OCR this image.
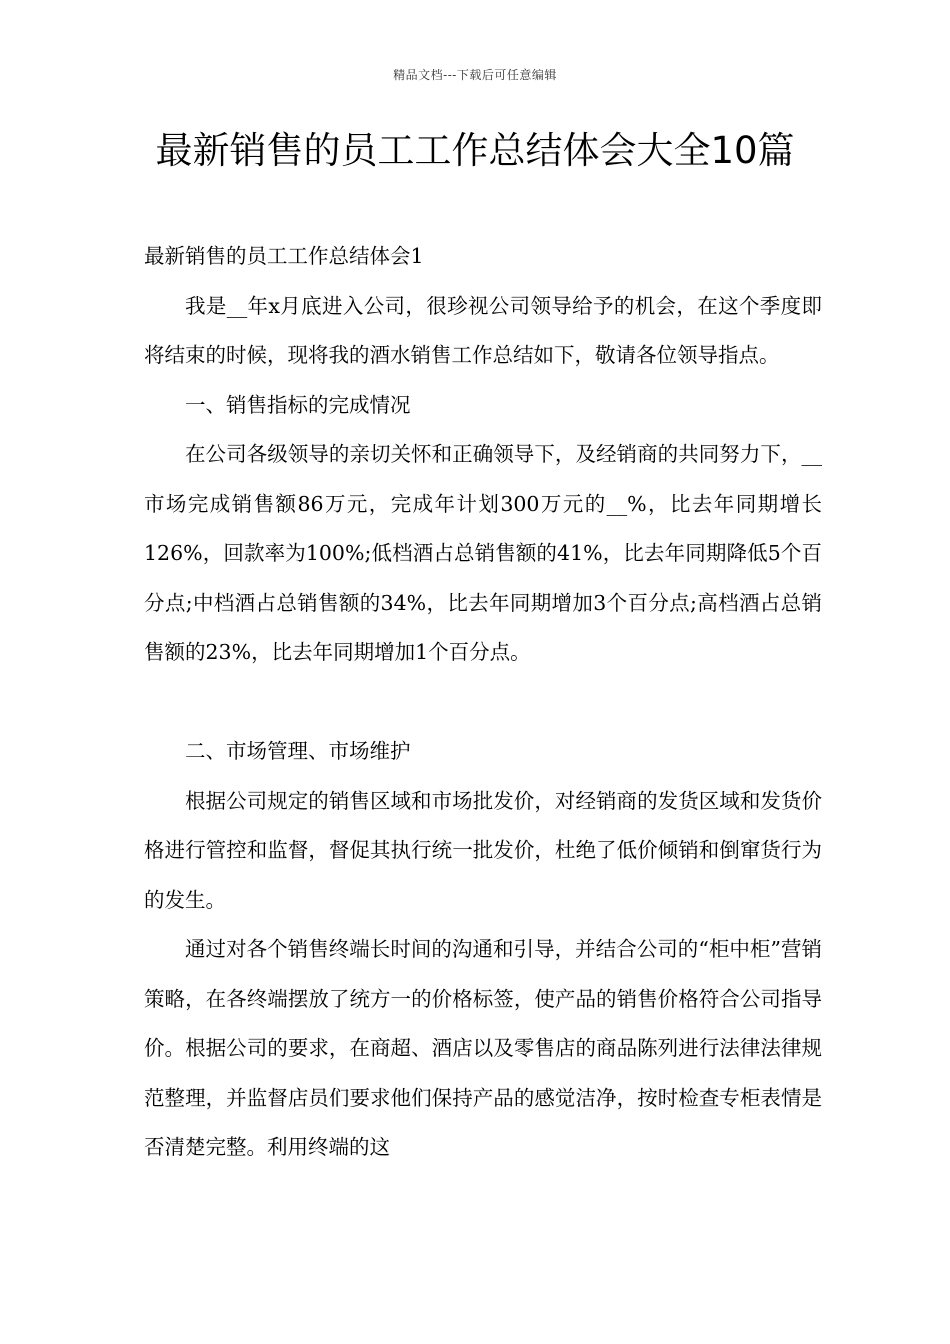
精品文档---下载后可任意编辑
最新销售的员工工作总结体会大全10篇

最新销售的员工工作总结体会1

我是__年x月底进入公司，很珍视公司领导给予的机会，在这个季度即将结束的时候，现将我的酒水销售工作总结如下，敬请各位领导指点。

一、销售指标的完成情况

在公司各级领导的亲切关怀和正确领导下，及经销商的共同努力下，__市场完成销售额86万元，完成年计划300万元的__%，比去年同期增长126%，回款率为100%;低档酒占总销售额的41%，比去年同期降低5个百分点;中档酒占总销售额的34%，比去年同期增加3个百分点;高档酒占总销售额的23%，比去年同期增加1个百分点。

二、市场管理、市场维护

根据公司规定的销售区域和市场批发价，对经销商的发货区域和发货价格进行管控和监督，督促其执行统一批发价，杜绝了低价倾销和倒窜货行为的发生。

通过对各个销售终端长时间的沟通和引导，并结合公司的“柜中柜”营销策略，在各终端摆放了统方一的价格标签，使产品的销售价格符合公司指导价。根据公司的要求，在商超、酒店以及零售店的商品陈列进行法律法律规范整理，并监督店员们要求他们保持产品的感觉洁净，按时检查专柜表情是否清楚完整。利用终端的这
